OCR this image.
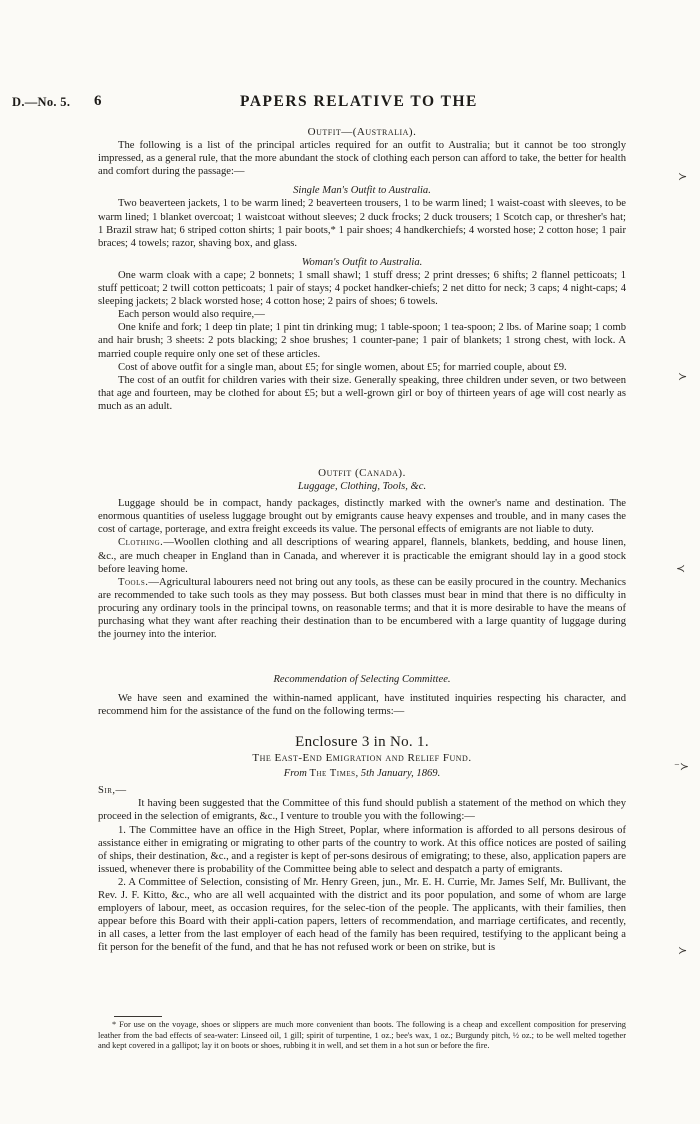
D.—No. 5. 6	PAPERS RELATIVE TO THE

Outfit—(Australia).

The following is a list of the principal articles required for an outfit to Australia; but it cannot be too strongly impressed, as a general rule, that the more abundant the stock of clothing each person can afford to take, the better for health and comfort during the passage:—

Single Man's Outfit to Australia.

Two beaverteen jackets, 1 to be warm lined; 2 beaverteen trousers, 1 to be warm lined; 1 waist-coast with sleeves, to be warm lined; 1 blanket overcoat; 1 waistcoat without sleeves; 2 duck frocks; 2 duck trousers; 1 Scotch cap, or thresher's hat; 1 Brazil straw hat; 6 striped cotton shirts; 1 pair boots,* 1 pair shoes; 4 handkerchiefs; 4 worsted hose; 2 cotton hose; 1 pair braces; 4 towels; razor, shaving box, and glass.

Woman's Outfit to Australia.

One warm cloak with a cape; 2 bonnets; 1 small shawl; 1 stuff dress; 2 print dresses; 6 shifts; 2 flannel petticoats; 1 stuff petticoat; 2 twill cotton petticoats; 1 pair of stays; 4 pocket handker-chiefs; 2 net ditto for neck; 3 caps; 4 night-caps; 4 sleeping jackets; 2 black worsted hose; 4 cotton hose; 2 pairs of shoes; 6 towels.

Each person would also require,—

One knife and fork; 1 deep tin plate; 1 pint tin drinking mug; 1 table-spoon; 1 tea-spoon; 2 lbs. of Marine soap; 1 comb and hair brush; 3 sheets: 2 pots blacking; 2 shoe brushes; 1 counter-pane; 1 pair of blankets; 1 strong chest, with lock. A married couple require only one set of these articles.

Cost of above outfit for a single man, about £5; for single women, about £5; for married couple, about £9.

The cost of an outfit for children varies with their size. Generally speaking, three children under seven, or two between that age and fourteen, may be clothed for about £5; but a well-grown girl or boy of thirteen years of age will cost nearly as much as an adult.

Outfit (Canada).

Luggage, Clothing, Tools, &c.

Luggage should be in compact, handy packages, distinctly marked with the owner's name and destination. The enormous quantities of useless luggage brought out by emigrants cause heavy expenses and trouble, and in many cases the cost of cartage, porterage, and extra freight exceeds its value. The personal effects of emigrants are not liable to duty.

Clothing.—Woollen clothing and all descriptions of wearing apparel, flannels, blankets, bedding, and house linen, &c., are much cheaper in England than in Canada, and wherever it is practicable the emigrant should lay in a good stock before leaving home.

Tools.—Agricultural labourers need not bring out any tools, as these can be easily procured in the country. Mechanics are recommended to take such tools as they may possess. But both classes must bear in mind that there is no difficulty in procuring any ordinary tools in the principal towns, on reasonable terms; and that it is more desirable to have the means of purchasing what they want after reaching their destination than to be encumbered with a large quantity of luggage during the journey into the interior.

Recommendation of Selecting Committee.

We have seen and examined the within-named applicant, have instituted inquiries respecting his character, and recommend him for the assistance of the fund on the following terms:—

Enclosure 3 in No. 1.

The East-End Emigration and Relief Fund.

From The Times, 5th January, 1869.

Sir,—

It having been suggested that the Committee of this fund should publish a statement of the method on which they proceed in the selection of emigrants, &c., I venture to trouble you with the following:—

1. The Committee have an office in the High Street, Poplar, where information is afforded to all persons desirous of assistance either in emigrating or migrating to other parts of the country to work. At this office notices are posted of sailing of ships, their destination, &c., and a register is kept of per-sons desirous of emigrating; to these, also, application papers are issued, whenever there is probability of the Committee being able to select and despatch a party of emigrants.

2. A Committee of Selection, consisting of Mr. Henry Green, jun., Mr. E. H. Currie, Mr. James Self, Mr. Bullivant, the Rev. J. F. Kitto, &c., who are all well acquainted with the district and its poor population, and some of whom are large employers of labour, meet, as occasion requires, for the selec-tion of the people. The applicants, with their families, then appear before this Board with their appli-cation papers, letters of recommendation, and marriage certificates, and recently, in all cases, a letter from the last employer of each head of the family has been required, testifying to the applicant being a fit person for the benefit of the fund, and that he has not refused work or been on strike, but is

* For use on the voyage, shoes or slippers are much more convenient than boots. The following is a cheap and excellent composition for preserving leather from the bad effects of sea-water: Linseed oil, 1 gill; spirit of turpentine, 1 oz.; bee's wax, 1 oz.; Burgundy pitch, ½ oz.; to be well melted together and kept covered in a gallipot; lay it on boots or shoes, rubbing it in well, and set them in a hot sun or before the fire.

≻
≻
≺
⁻≻
≻
